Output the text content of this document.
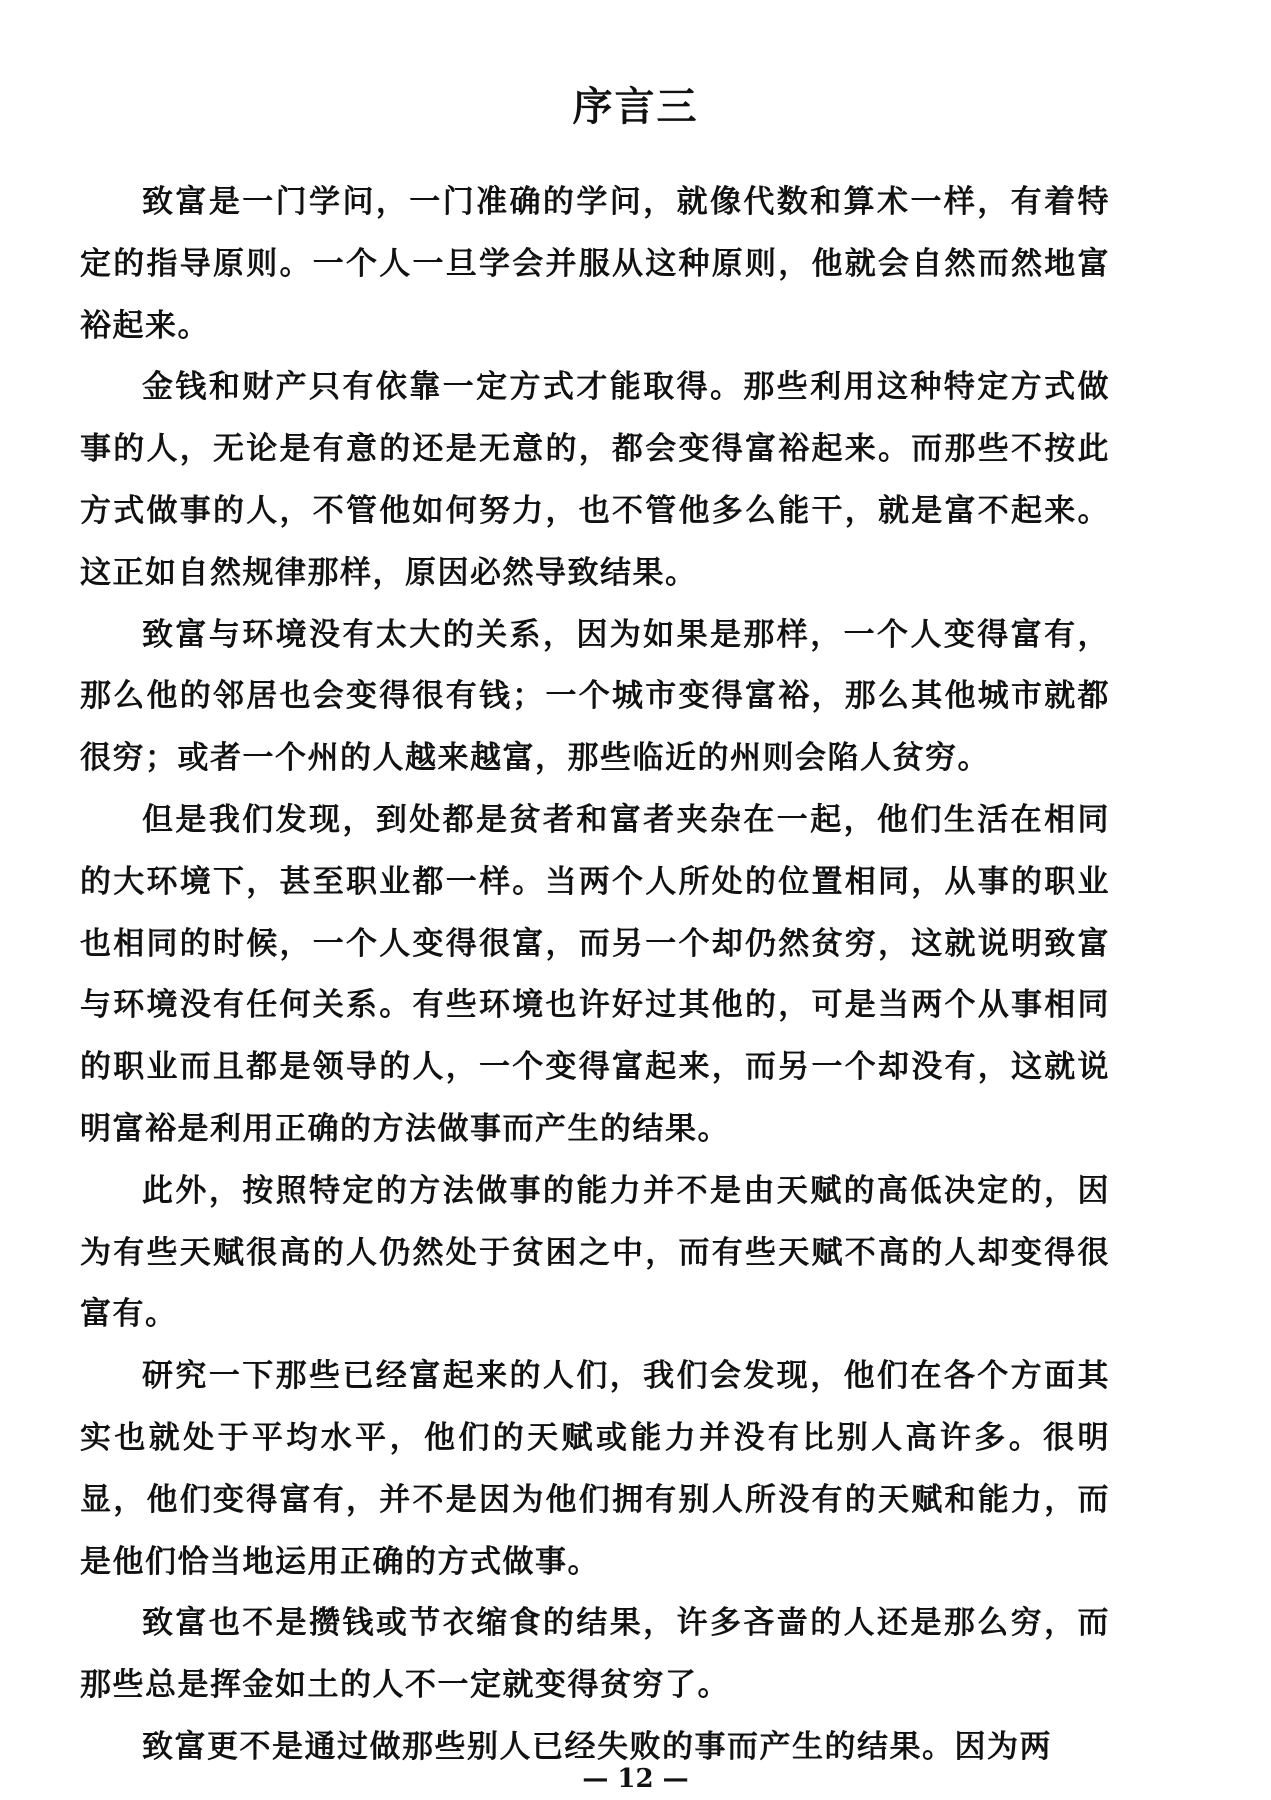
序言三

致富是一门学问，一门准确的学问，就像代数和算术一样，有着特定的指导原则。一个人一旦学会并服从这种原则，他就会自然而然地富裕起来。

金钱和财产只有依靠一定方式才能取得。那些利用这种特定方式做事的人，无论是有意的还是无意的，都会变得富裕起来。而那些不按此方式做事的人，不管他如何努力，也不管他多么能干，就是富不起来。这正如自然规律那样，原因必然导致结果。

致富与环境没有太大的关系，因为如果是那样，一个人变得富有，那么他的邻居也会变得很有钱；一个城市变得富裕，那么其他城市就都很穷；或者一个州的人越来越富，那些临近的州则会陷人贫穷。

但是我们发现，到处都是贫者和富者夹杂在一起，他们生活在相同的大环境下，甚至职业都一样。当两个人所处的位置相同，从事的职业也相同的时候，一个人变得很富，而另一个却仍然贫穷，这就说明致富与环境没有任何关系。有些环境也许好过其他的，可是当两个从事相同的职业而且都是领导的人，一个变得富起来，而另一个却没有，这就说明富裕是利用正确的方法做事而产生的结果。

此外，按照特定的方法做事的能力并不是由天赋的高低决定的，因为有些天赋很高的人仍然处于贫困之中，而有些天赋不高的人却变得很富有。

研究一下那些已经富起来的人们，我们会发现，他们在各个方面其实也就处于平均水平，他们的天赋或能力并没有比别人高许多。很明显，他们变得富有，并不是因为他们拥有别人所没有的天赋和能力，而是他们恰当地运用正确的方式做事。

致富也不是攒钱或节衣缩食的结果，许多吝啬的人还是那么穷，而那些总是挥金如土的人不一定就变得贫穷了。

致富更不是通过做那些别人已经失败的事而产生的结果。因为两

— 12 —
